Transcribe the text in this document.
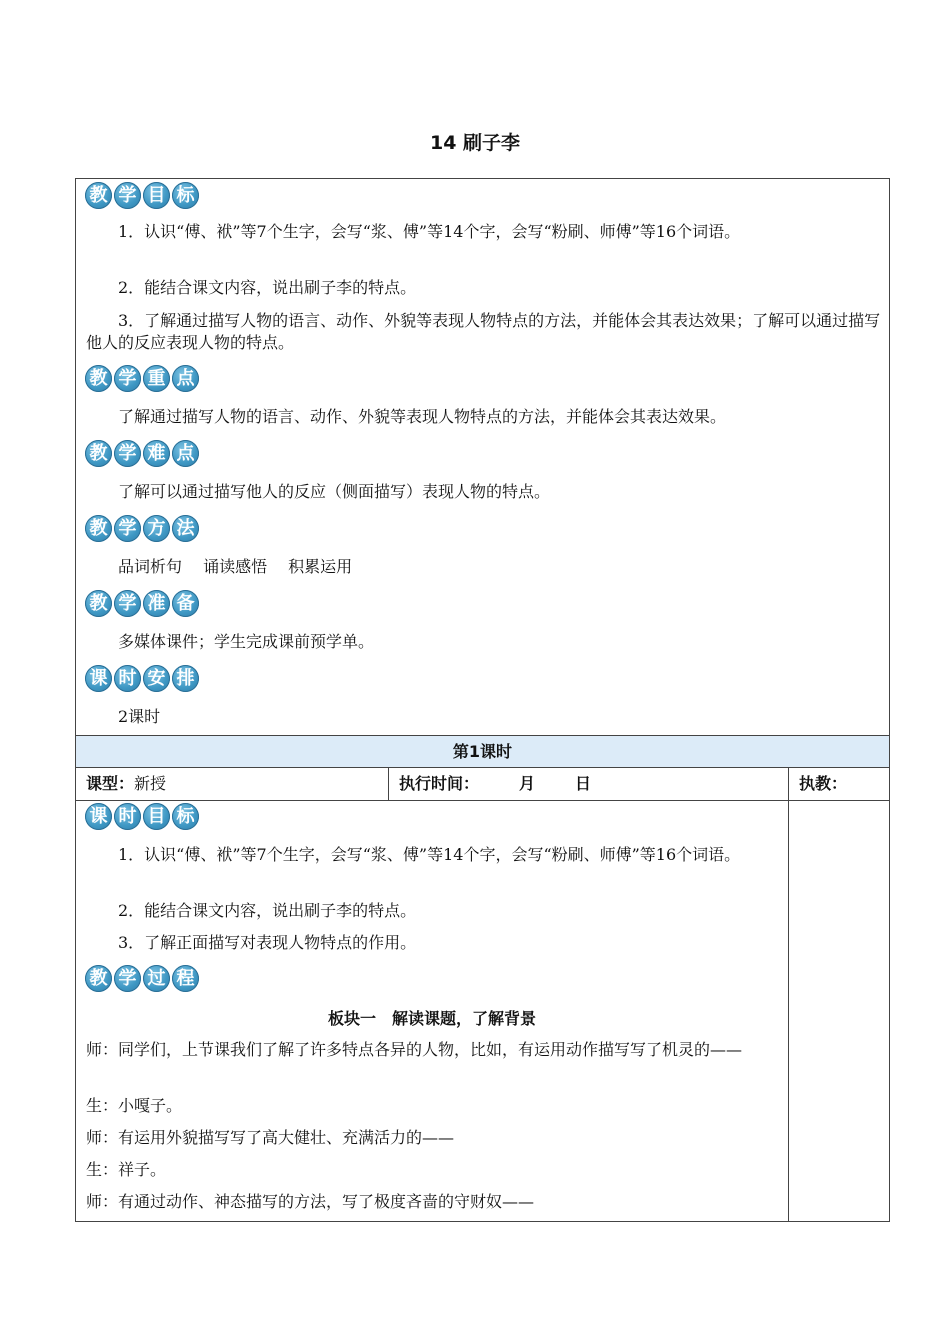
14 刷子李
教 学 目 标

1．认识“傅、袱”等7个生字，会写“浆、傅”等14个字，会写“粉刷、师傅”等16个词语。

2．能结合课文内容，说出刷子李的特点。

3．了解通过描写人物的语言、动作、外貌等表现人物特点的方法，并能体会其表达效果；了解可以通过描写他人的反应表现人物的特点。

教 学 重 点

了解通过描写人物的语言、动作、外貌等表现人物特点的方法，并能体会其表达效果。

教 学 难 点

了解可以通过描写他人的反应（侧面描写）表现人物的特点。

教 学 方 法

品词析句　 诵读感悟　 积累运用

教 学 准 备

多媒体课件；学生完成课前预学单。

课 时 安 排

2课时

第1课时
课型：新授	执行时间：	月	日	执教：
课 时 目 标

1．认识“傅、袱”等7个生字，会写“浆、傅”等14个字，会写“粉刷、师傅”等16个词语。

2．能结合课文内容，说出刷子李的特点。

3．了解正面描写对表现人物特点的作用。

教 学 过 程
板块一　解读课题，了解背景

师：同学们，上节课我们了解了许多特点各异的人物，比如，有运用动作描写写了机灵的——

生：小嘎子。

师：有运用外貌描写写了高大健壮、充满活力的——

生：祥子。

师：有通过动作、神态描写的方法，写了极度吝啬的守财奴——
